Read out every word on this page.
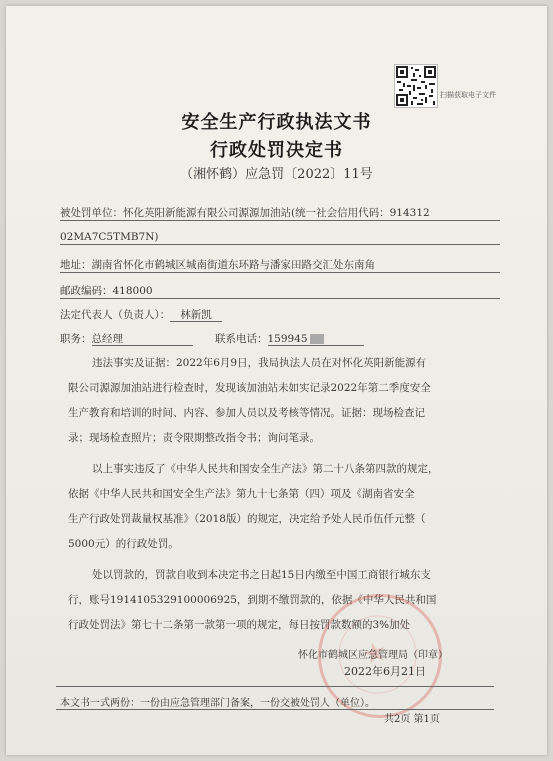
扫描获取电子文件
安全生产行政执法文书
行政处罚决定书
（湘怀鹤）应急罚〔2022〕11号
被处罚单位：怀化英阳新能源有限公司源源加油站(统一社会信用代码：914312
02MA7C5TMB7N)
地址：湖南省怀化市鹤城区城南街道东环路与潘家田路交汇处东南角
邮政编码：418000
法定代表人（负责人）： 林新凯
职务：总经理	联系电话：159945
违法事实及证据：2022年6月9日，我局执法人员在对怀化英阳新能源有
限公司源源加油站进行检查时，发现该加油站未如实记录2022年第二季度安全
生产教育和培训的时间、内容、参加人员以及考核等情况。证据：现场检查记
录；现场检查照片；责令限期整改指令书；询问笔录。
以上事实违反了《中华人民共和国安全生产法》第二十八条第四款的规定，
依据《中华人民共和国安全生产法》第九十七条第（四）项及《湖南省安全
生产行政处罚裁量权基准》（2018版）的规定，决定给予处人民币伍仟元整（
5000元）的行政处罚。
处以罚款的，罚款自收到本决定书之日起15日内缴至中国工商银行城东支
行，账号1914105329100006925，到期不缴罚款的，依据《中华人民共和国
行政处罚法》第七十二条第一款第一项的规定，每日按罚款数额的3%加处
★
怀化市鹤城区应急管理局（印章）
2022年6月21日
本文书一式两份：一份由应急管理部门备案，一份交被处罚人（单位）。
共2页 第1页
